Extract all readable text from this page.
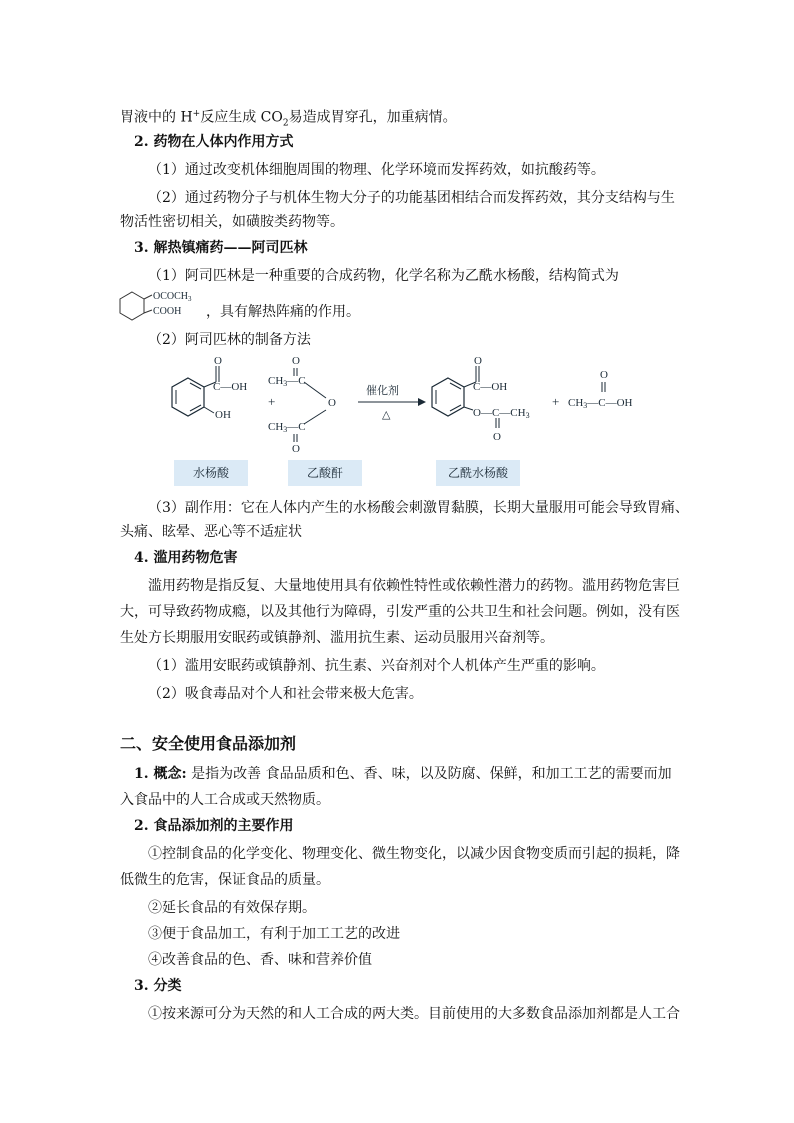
胃液中的 H+反应生成 $CO_2$易造成胃穿孔，加重病情。
2. 药物在人体内作用方式
（1）通过改变机体细胞周围的物理、化学环境而发挥药效，如抗酸药等。
（2）通过药物分子与机体生物大分子的功能基团相结合而发挥药效，其分支结构与生
物活性密切相关，如磺胺类药物等。
3. 解热镇痛药——阿司匹林
（1）阿司匹林是一种重要的合成药物，化学名称为乙酰水杨酸，结构简式为
$OCOCH_3$
COOH ，具有解热阵痛的作用。
（2）阿司匹林的制备方法
O
C—OH
OH
+
O
CH3—C
O
CH3—C
O
催化剂
△
O
C—OH
O—C—CH3
O
+
O
CH3—C—OH
水杨酸	乙酸酐	乙酰水杨酸
（3）副作用：它在人体内产生的水杨酸会刺激胃黏膜，长期大量服用可能会导致胃痛、
头痛、眩晕、恶心等不适症状
4. 滥用药物危害
滥用药物是指反复、大量地使用具有依赖性特性或依赖性潜力的药物。滥用药物危害巨
大，可导致药物成瘾，以及其他行为障碍，引发严重的公共卫生和社会问题。例如，没有医
生处方长期服用安眠药或镇静剂、滥用抗生素、运动员服用兴奋剂等。
（1）滥用安眠药或镇静剂、抗生素、兴奋剂对个人机体产生严重的影响。
（2）吸食毒品对个人和社会带来极大危害。
二、安全使用食品添加剂
1. 概念: 是指为改善 食品品质和色、香、味，以及防腐、保鲜，和加工工艺的需要而加
入食品中的人工合成或天然物质。
2. 食品添加剂的主要作用
①控制食品的化学变化、物理变化、微生物变化，以减少因食物变质而引起的损耗，降
低微生的危害，保证食品的质量。
②延长食品的有效保存期。
③便于食品加工，有利于加工工艺的改进
④改善食品的色、香、味和营养价值
3. 分类
①按来源可分为天然的和人工合成的两大类。目前使用的大多数食品添加剂都是人工合
